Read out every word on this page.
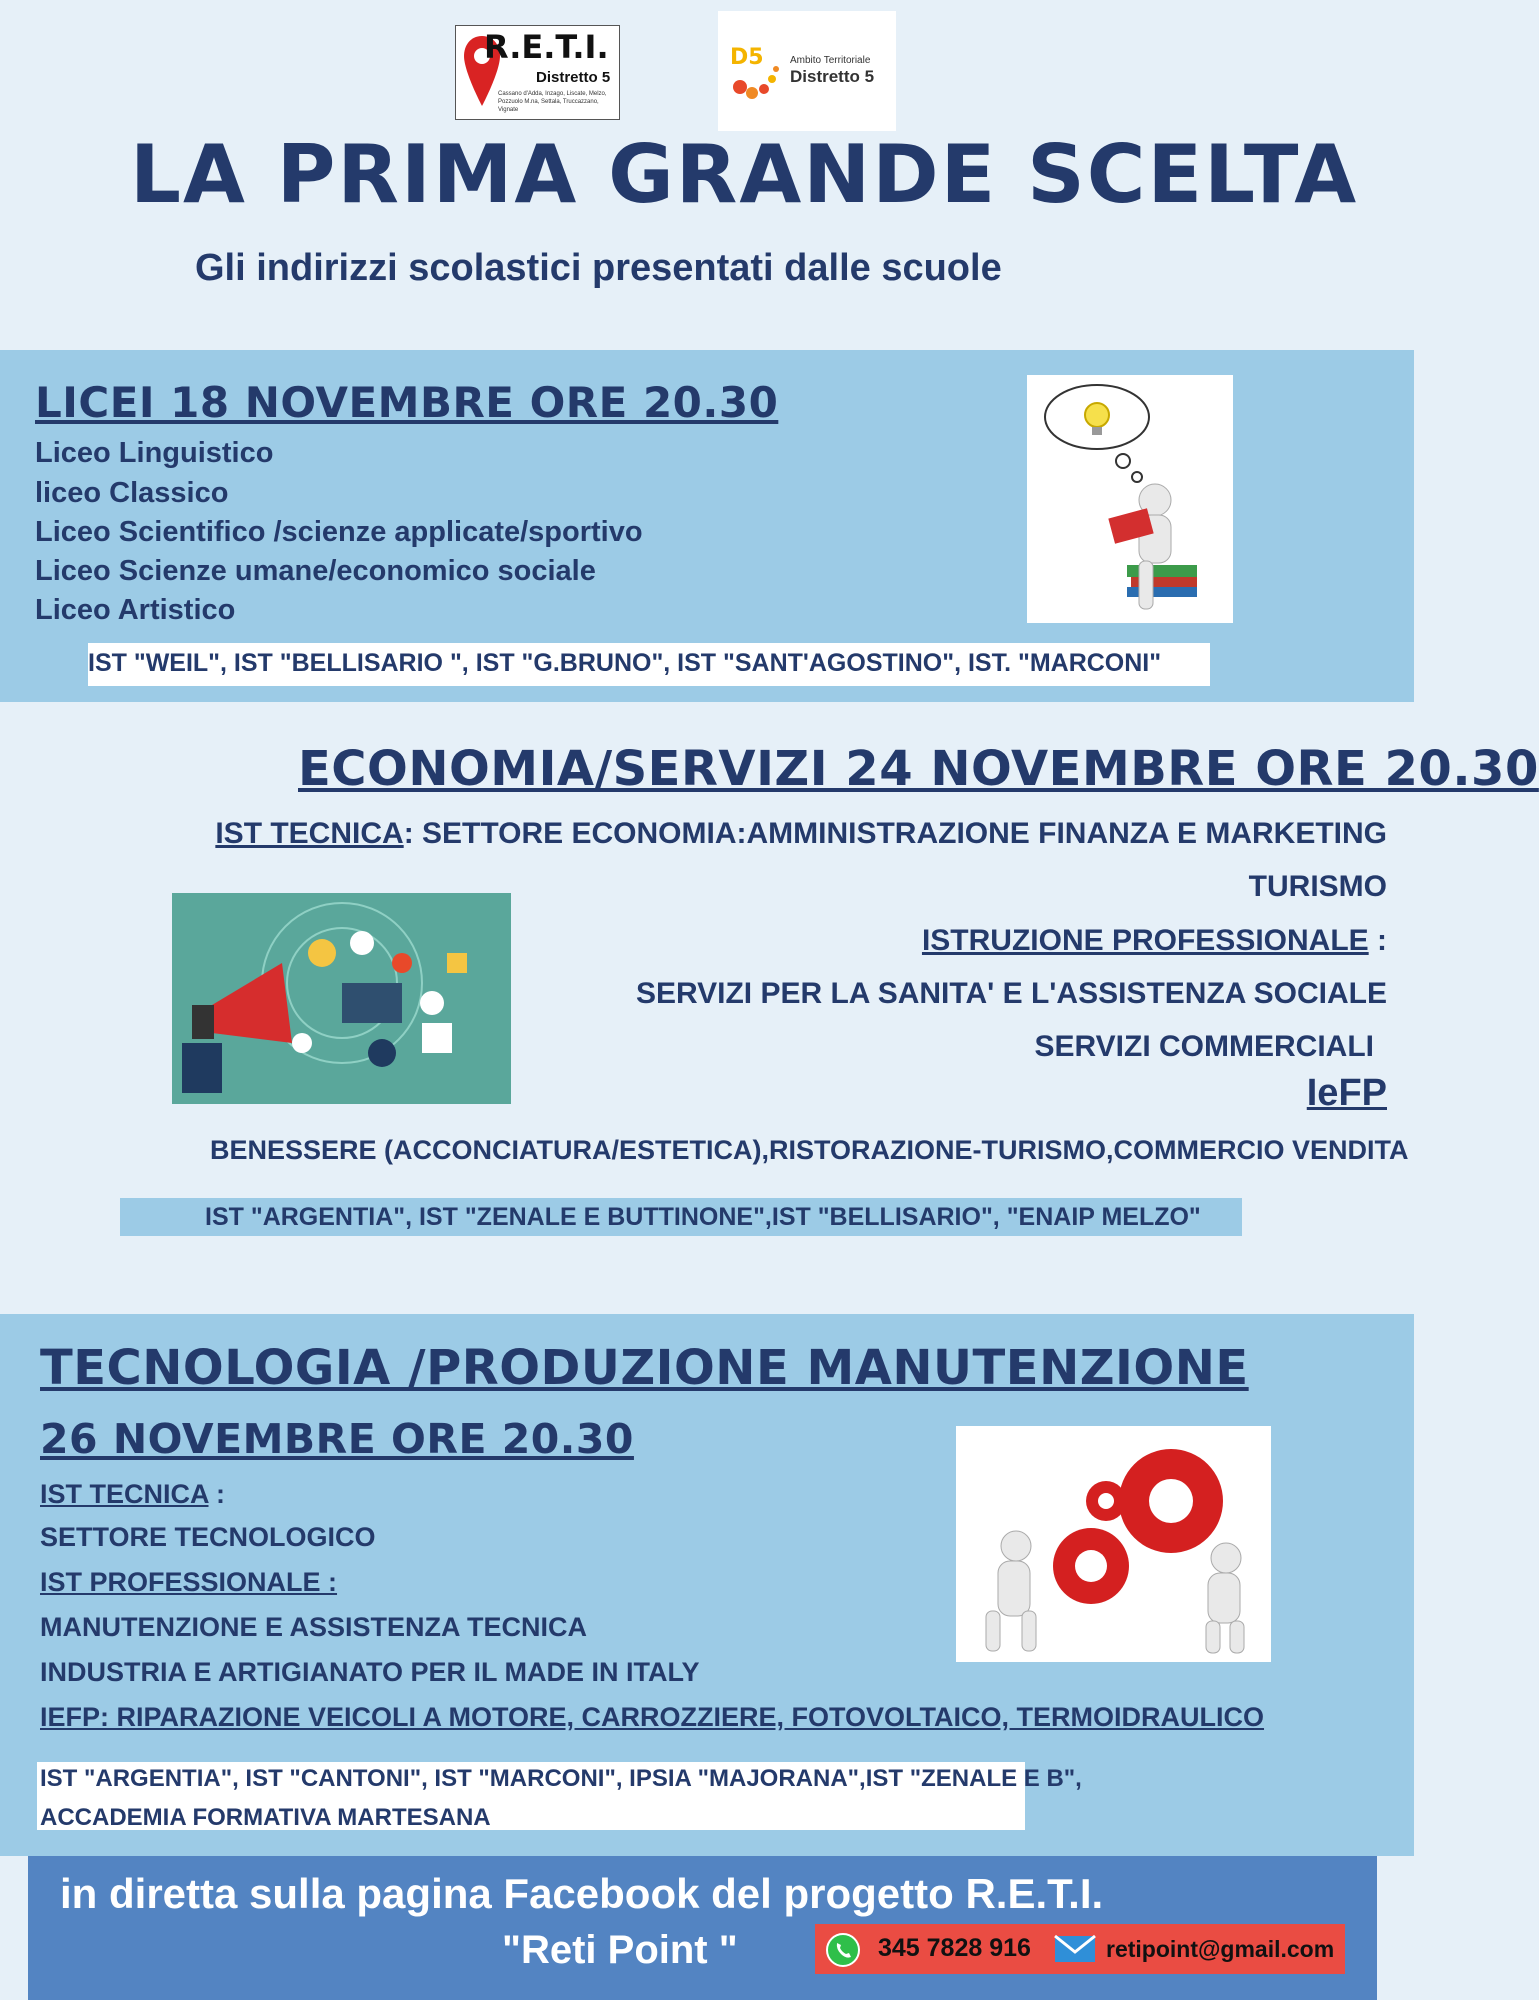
R.E.T.I.
Distretto 5
Cassano d'Adda, Inzago, Liscate, Melzo, Pozzuolo M.na, Settala, Truccazzano, Vignate
D5	Ambito Territoriale
Distretto 5
LA PRIMA GRANDE SCELTA
Gli indirizzi scolastici presentati dalle scuole
LICEI 18 NOVEMBRE ORE 20.30
Liceo Linguistico
liceo Classico
Liceo Scientifico /scienze applicate/sportivo
Liceo Scienze umane/economico sociale
Liceo Artistico
IST "WEIL", IST "BELLISARIO ", IST "G.BRUNO", IST "SANT'AGOSTINO", IST. "MARCONI"
ECONOMIA/SERVIZI 24 NOVEMBRE ORE 20.30
IST TECNICA: SETTORE ECONOMIA:AMMINISTRAZIONE FINANZA E MARKETING
TURISMO
ISTRUZIONE PROFESSIONALE :
SERVIZI PER LA SANITA' E L'ASSISTENZA SOCIALE
SERVIZI COMMERCIALI
IeFP
BENESSERE (ACCONCIATURA/ESTETICA),RISTORAZIONE-TURISMO,COMMERCIO VENDITA
IST "ARGENTIA", IST "ZENALE E BUTTINONE",IST "BELLISARIO", "ENAIP MELZO"
TECNOLOGIA /PRODUZIONE MANUTENZIONE
26 NOVEMBRE ORE 20.30
IST TECNICA :
SETTORE TECNOLOGICO
IST PROFESSIONALE :
MANUTENZIONE E ASSISTENZA TECNICA
INDUSTRIA E ARTIGIANATO PER IL MADE IN ITALY
IEFP: RIPARAZIONE VEICOLI A MOTORE, CARROZZIERE, FOTOVOLTAICO, TERMOIDRAULICO
IST "ARGENTIA", IST "CANTONI", IST "MARCONI", IPSIA "MAJORANA",IST "ZENALE E B",
ACCADEMIA FORMATIVA MARTESANA
in diretta sulla pagina Facebook del progetto R.E.T.I.
"Reti Point "	345 7828 916	retipoint@gmail.com
